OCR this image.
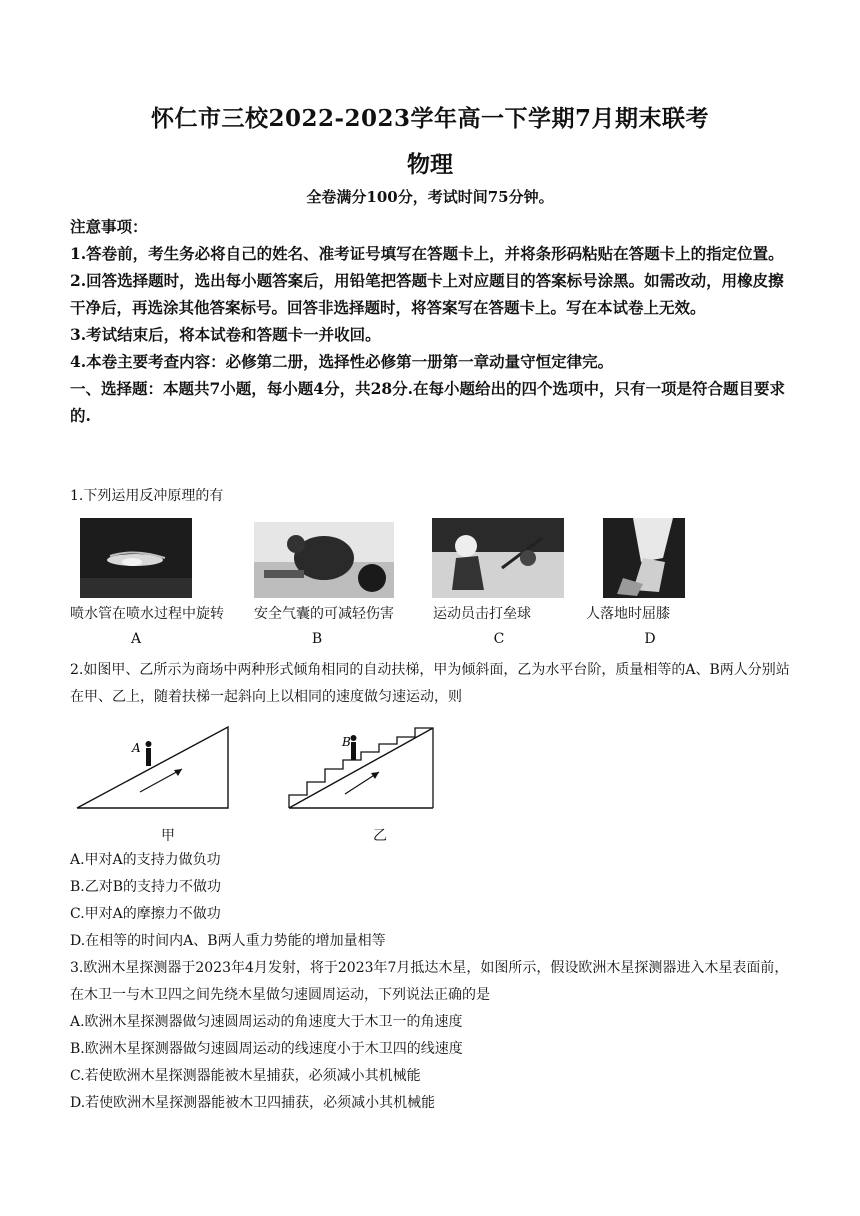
怀仁市三校2022-2023学年高一下学期7月期末联考
物理
全卷满分100分，考试时间75分钟。

注意事项：

1.答卷前，考生务必将自己的姓名、准考证号填写在答题卡上，并将条形码粘贴在答题卡上的指定位置。

2.回答选择题时，选出每小题答案后，用铅笔把答题卡上对应题目的答案标号涂黑。如需改动，用橡皮擦干净后，再选涂其他答案标号。回答非选择题时，将答案写在答题卡上。写在本试卷上无效。

3.考试结束后，将本试卷和答题卡一并收回。

4.本卷主要考查内容：必修第二册，选择性必修第一册第一章动量守恒定律完。

一、选择题：本题共7小题，每小题4分，共28分.在每小题给出的四个选项中，只有一项是符合题目要求的.

1.下列运用反冲原理的有
喷水管在喷水过程中旋转 安全气囊的可减轻伤害	运动员击打垒球	人落地时屈膝
A	B	C	D

2.如图甲、乙所示为商场中两种形式倾角相同的自动扶梯，甲为倾斜面，乙为水平台阶，质量相等的A、B两人分别站在甲、乙上，随着扶梯一起斜向上以相同的速度做匀速运动，则

A
甲
B
乙

A.甲对A的支持力做负功

B.乙对B的支持力不做功

C.甲对A的摩擦力不做功

D.在相等的时间内A、B两人重力势能的增加量相等

3.欧洲木星探测器于2023年4月发射，将于2023年7月抵达木星，如图所示，假设欧洲木星探测器进入木星表面前，在木卫一与木卫四之间先绕木星做匀速圆周运动，下列说法正确的是

A.欧洲木星探测器做匀速圆周运动的角速度大于木卫一的角速度

B.欧洲木星探测器做匀速圆周运动的线速度小于木卫四的线速度

C.若使欧洲木星探测器能被木星捕获，必须减小其机械能

D.若使欧洲木星探测器能被木卫四捕获，必须减小其机械能
